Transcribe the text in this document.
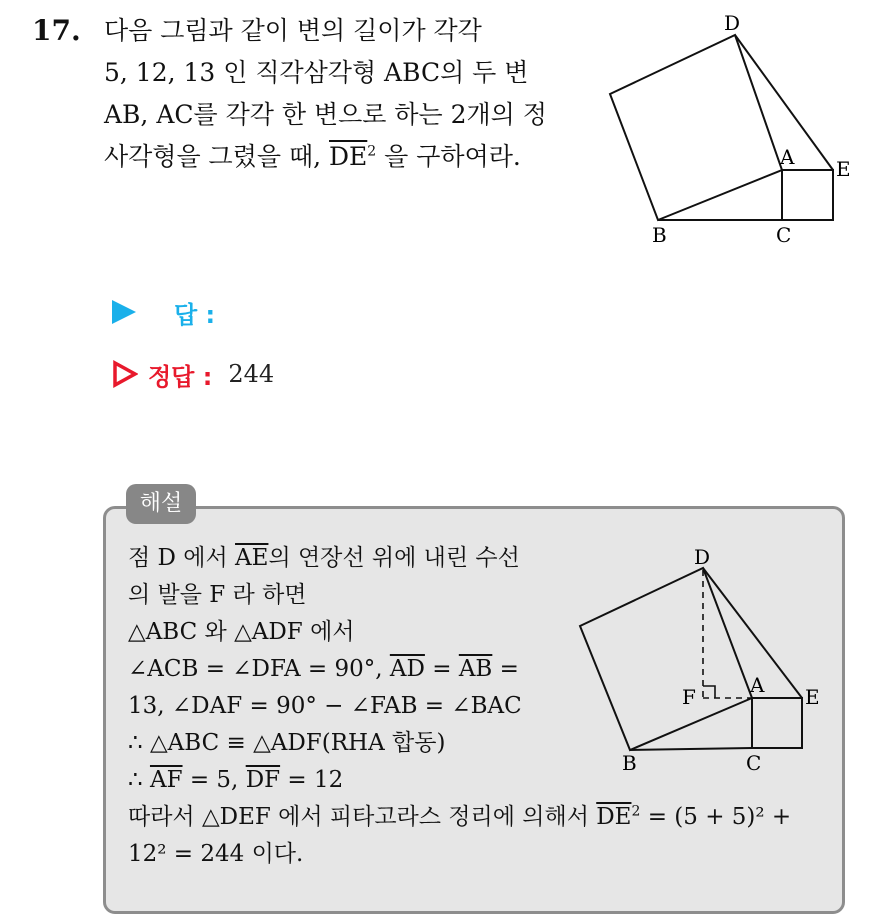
17. 다음 그림과 같이 변의 길이가 각각
5, 12, 13 인 직각삼각형 ABC의 두 변
AB, AC를 각각 한 변으로 하는 2개의 정
사각형을 그렸을 때, $\overline{DE}^2$ 을 구하여라.
D
A E
B	C
답 :
정답 : 244
해설
점 D 에서 $\overline{AE}$의 연장선 위에 내린 수선
의 발을 F 라 하면
△ABC 와 △ADF 에서
∠ACB = ∠DFA = 90°, $\overline{AD} = \overline{AB}$ =
13, ∠DAF = 90° − ∠FAB = ∠BAC
∴ △ABC ≡ △ADF(RHA 합동)
∴ $\overline{AF} = 5$, $\overline{DF} = 12$
따라서 △DEF 에서 피타고라스 정리에 의해서 $\overline{DE}^2 = (5 + 5)^2$ +
12² = 244 이다.
D
F	A E
B	C
